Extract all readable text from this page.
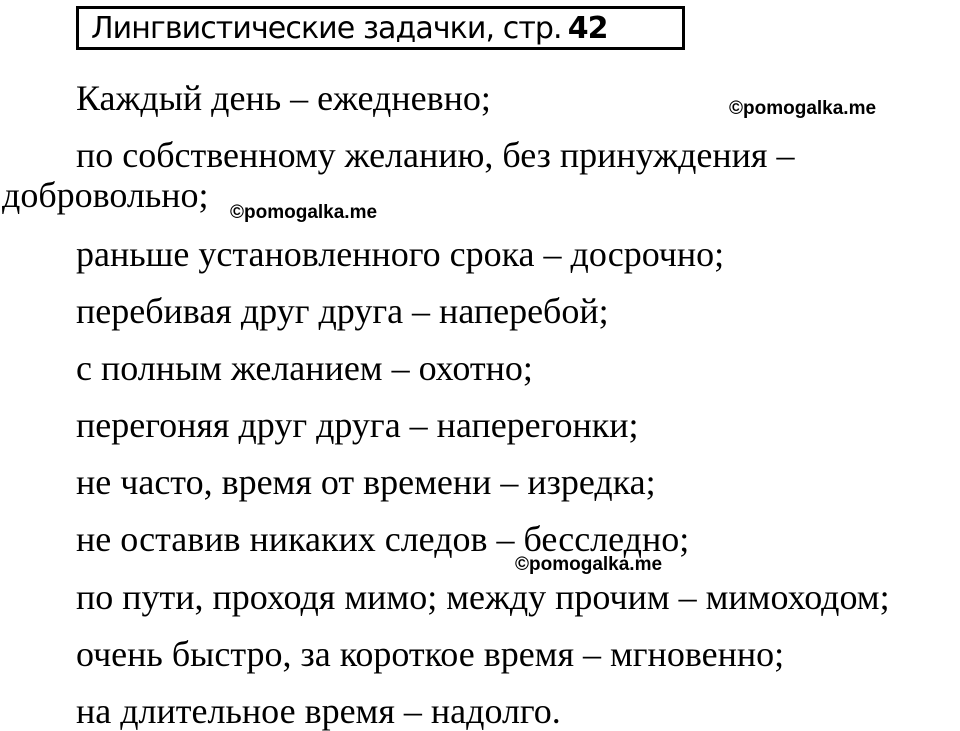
Лингвистические задачки, стр. 42
Каждый день – ежедневно;
по собственному желанию, без принуждения –
добровольно;
раньше установленного срока – досрочно;
перебивая друг друга – наперебой;
с полным желанием – охотно;
перегоняя друг друга – наперегонки;
не часто, время от времени – изредка;
не оставив никаких следов – бесследно;
по пути, проходя мимо; между прочим – мимоходом;
очень быстро, за короткое время – мгновенно;
на длительное время – надолго.
©pomogalka.me
©pomogalka.me
©pomogalka.me
